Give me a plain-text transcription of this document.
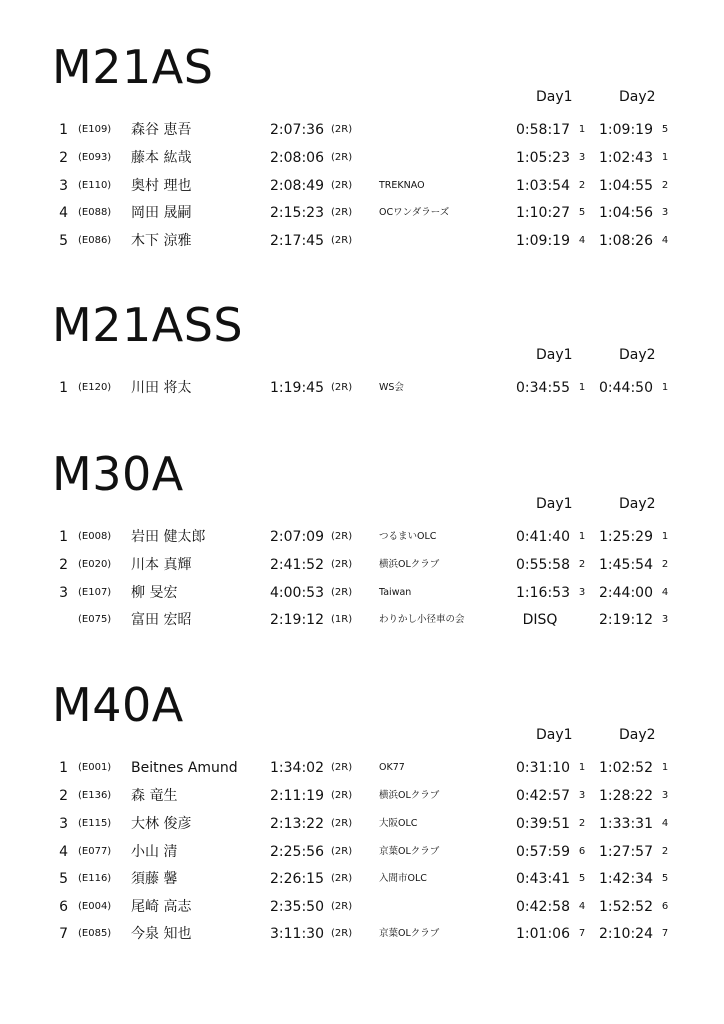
M21AS
Day1	Day2
1 (E109) 森谷 恵吾	2:07:36 (2R)	0:58:17 1 1:09:19 5
2 (E093) 藤本 紘哉	2:08:06 (2R)	1:05:23 3 1:02:43 1
3 (E110) 奥村 理也	2:08:49 (2R)	TREKNAO	1:03:54 2 1:04:55 2
4 (E088) 岡田 晟嗣	2:15:23 (2R)	OCワンダラーズ	1:10:27 5 1:04:56 3
5 (E086) 木下 涼雅	2:17:45 (2R)	1:09:19 4 1:08:26 4
M21ASS
Day1	Day2
1 (E120) 川田 将太	1:19:45 (2R)	WS会	0:34:55 1 0:44:50 1
M30A
Day1	Day2
1 (E008) 岩田 健太郎	2:07:09 (2R)	つるまいOLC	0:41:40 1 1:25:29 1
2 (E020) 川本 真輝	2:41:52 (2R)	横浜OLクラブ	0:55:58 2 1:45:54 2
3 (E107) 柳 旻宏	4:00:53 (2R)	Taiwan	1:16:53 3 2:44:00 4
(E075) 富田 宏昭	2:19:12 (1R)	わりかし小径車の会	DISQ	2:19:12 3
M40A
Day1	Day2
1 (E001) Beitnes Amund 1:34:02 (2R)	OK77	0:31:10 1 1:02:52 1
2 (E136) 森 竜生	2:11:19 (2R)	横浜OLクラブ	0:42:57 3 1:28:22 3
3 (E115) 大林 俊彦	2:13:22 (2R)	大阪OLC	0:39:51 2 1:33:31 4
4 (E077) 小山 清	2:25:56 (2R)	京葉OLクラブ	0:57:59 6 1:27:57 2
5 (E116) 須藤 馨	2:26:15 (2R)	入間市OLC	0:43:41 5 1:42:34 5
6 (E004) 尾崎 高志	2:35:50 (2R)	0:42:58 4 1:52:52 6
7 (E085) 今泉 知也	3:11:30 (2R)	京葉OLクラブ	1:01:06 7 2:10:24 7
